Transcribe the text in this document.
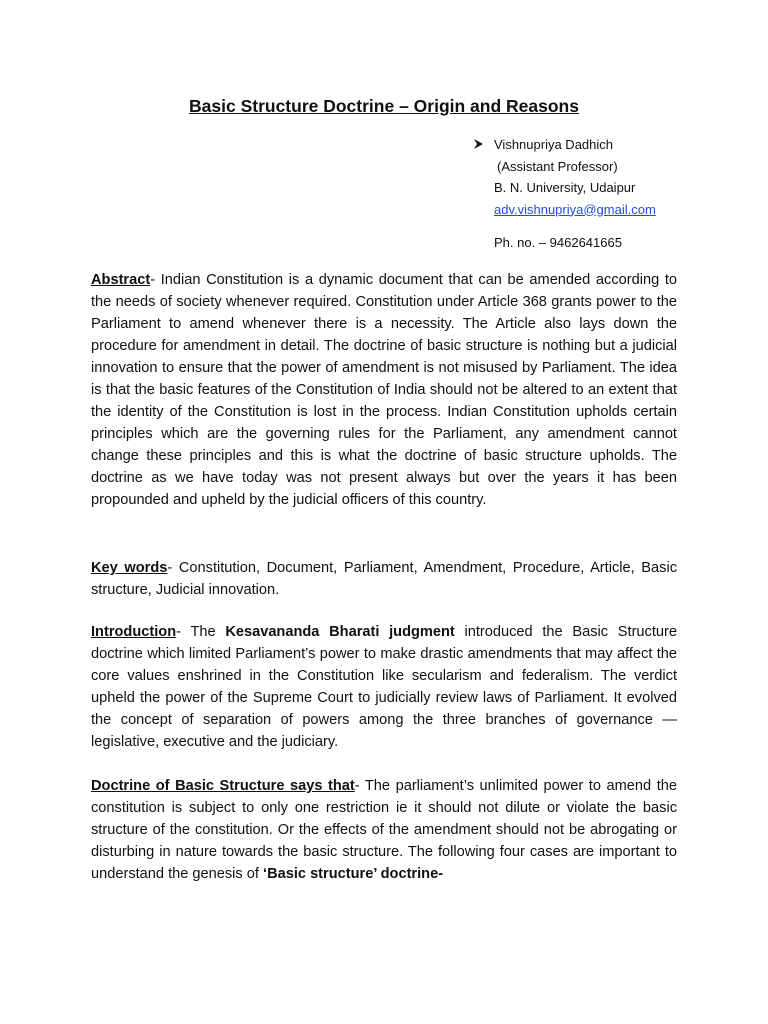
Basic Structure Doctrine – Origin and Reasons
Vishnupriya Dadhich
(Assistant Professor)
B. N. University, Udaipur
adv.vishnupriya@gmail.com
Ph. no. – 9462641665

Abstract- Indian Constitution is a dynamic document that can be amended according to the needs of society whenever required. Constitution under Article 368 grants power to the Parliament to amend whenever there is a necessity. The Article also lays down the procedure for amendment in detail. The doctrine of basic structure is nothing but a judicial innovation to ensure that the power of amendment is not misused by Parliament. The idea is that the basic features of the Constitution of India should not be altered to an extent that the identity of the Constitution is lost in the process. Indian Constitution upholds certain principles which are the governing rules for the Parliament, any amendment cannot change these principles and this is what the doctrine of basic structure upholds. The doctrine as we have today was not present always but over the years it has been propounded and upheld by the judicial officers of this country.

Key words- Constitution, Document, Parliament, Amendment, Procedure, Article, Basic structure, Judicial innovation.

Introduction- The Kesavananda Bharati judgment introduced the Basic Structure doctrine which limited Parliament’s power to make drastic amendments that may affect the core values enshrined in the Constitution like secularism and federalism. The verdict upheld the power of the Supreme Court to judicially review laws of Parliament. It evolved the concept of separation of powers among the three branches of governance — legislative, executive and the judiciary.

Doctrine of Basic Structure says that- The parliament’s unlimited power to amend the constitution is subject to only one restriction ie it should not dilute or violate the basic structure of the constitution. Or the effects of the amendment should not be abrogating or disturbing in nature towards the basic structure. The following four cases are important to understand the genesis of ‘Basic structure’ doctrine-
